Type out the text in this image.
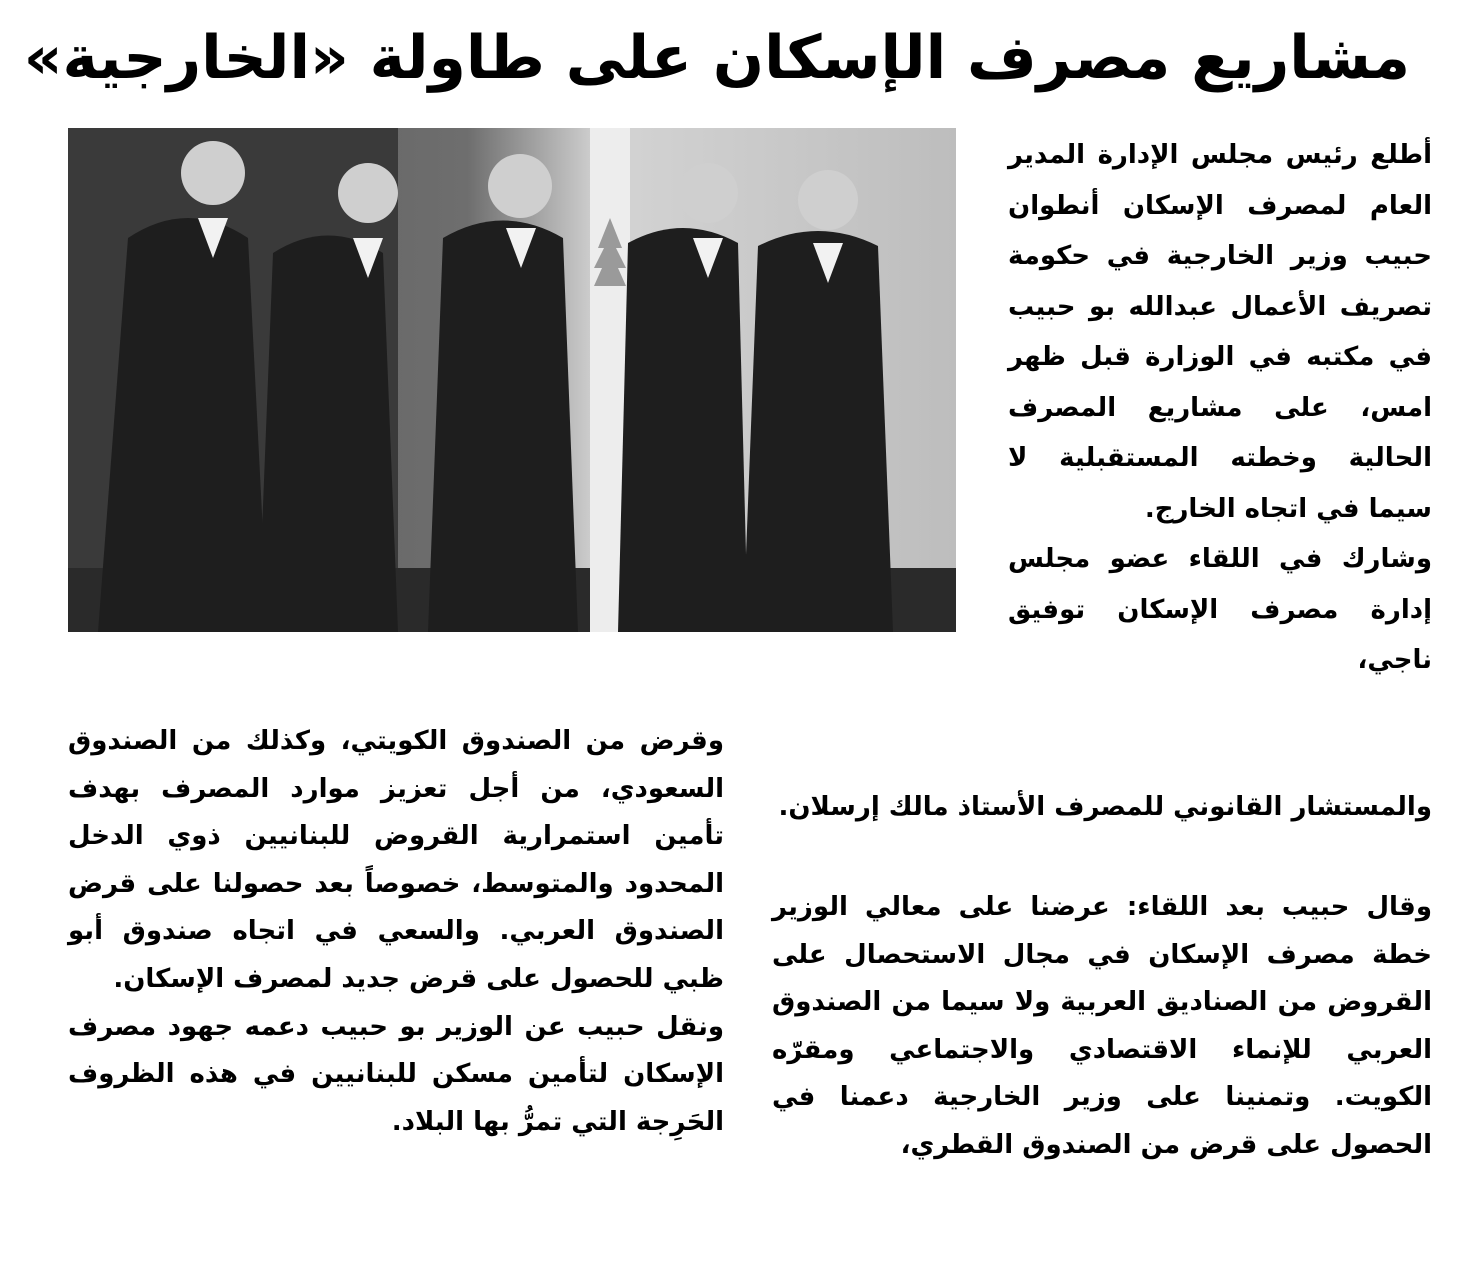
مشاريع مصرف الإسكان على طاولة «الخارجية»

أطلع رئيس مجلس الإدارة المدير العام لمصرف الإسكان أنطوان حبيب وزير الخارجية في حكومة تصريف الأعمال عبدالله بو حبيب في مكتبه في الوزارة قبل ظهر امس، على مشاريع المصرف الحالية وخطته المستقبلية لا سيما في اتجاه الخارج.

وشارك في اللقاء عضو مجلس إدارة مصرف الإسكان توفيق ناجي،

والمستشار القانوني للمصرف الأستاذ مالك إرسلان.

وقال حبيب بعد اللقاء: عرضنا على معالي الوزير خطة مصرف الإسكان في مجال الاستحصال على القروض من الصناديق العربية ولا سيما من الصندوق العربي للإنماء الاقتصادي والاجتماعي ومقرّه الكويت. وتمنينا على وزير الخارجية دعمنا في الحصول على قرض من الصندوق القطري،

وقرض من الصندوق الكويتي، وكذلك من الصندوق السعودي، من أجل تعزيز موارد المصرف بهدف تأمين استمرارية القروض للبنانيين ذوي الدخل المحدود والمتوسط، خصوصاً بعد حصولنا على قرض الصندوق العربي. والسعي في اتجاه صندوق أبو ظبي للحصول على قرض جديد لمصرف الإسكان.

ونقل حبيب عن الوزير بو حبيب دعمه جهود مصرف الإسكان لتأمين مسكن للبنانيين في هذه الظروف الحَرِجة التي تمرُّ بها البلاد.
